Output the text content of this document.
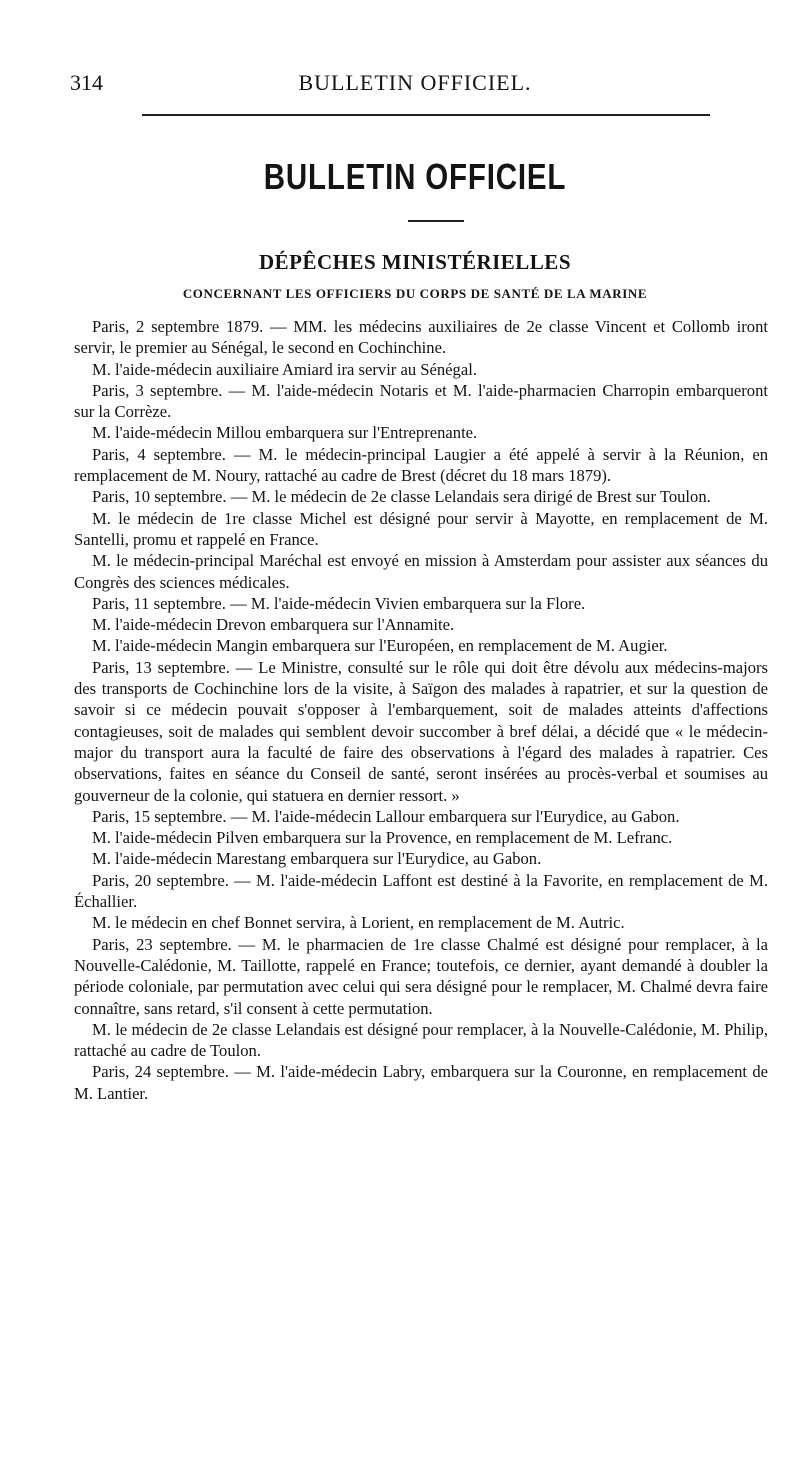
314	BULLETIN OFFICIEL.
BULLETIN OFFICIEL
DÉPÊCHES MINISTÉRIELLES
CONCERNANT LES OFFICIERS DU CORPS DE SANTÉ DE LA MARINE

Paris, 2 septembre 1879. — MM. les médecins auxiliaires de 2e classe Vincent et Collomb iront servir, le premier au Sénégal, le second en Cochinchine.

M. l'aide-médecin auxiliaire Amiard ira servir au Sénégal.

Paris, 3 septembre. — M. l'aide-médecin Notaris et M. l'aide-pharmacien Charropin embarqueront sur la Corrèze.

M. l'aide-médecin Millou embarquera sur l'Entreprenante.

Paris, 4 septembre. — M. le médecin-principal Laugier a été appelé à servir à la Réunion, en remplacement de M. Noury, rattaché au cadre de Brest (décret du 18 mars 1879).

Paris, 10 septembre. — M. le médecin de 2e classe Lelandais sera dirigé de Brest sur Toulon.

M. le médecin de 1re classe Michel est désigné pour servir à Mayotte, en remplacement de M. Santelli, promu et rappelé en France.

M. le médecin-principal Maréchal est envoyé en mission à Amsterdam pour assister aux séances du Congrès des sciences médicales.

Paris, 11 septembre. — M. l'aide-médecin Vivien embarquera sur la Flore.

M. l'aide-médecin Drevon embarquera sur l'Annamite.

M. l'aide-médecin Mangin embarquera sur l'Européen, en remplacement de M. Augier.

Paris, 13 septembre. — Le Ministre, consulté sur le rôle qui doit être dévolu aux médecins-majors des transports de Cochinchine lors de la visite, à Saïgon des malades à rapatrier, et sur la question de savoir si ce médecin pouvait s'opposer à l'embarquement, soit de malades atteints d'affections contagieuses, soit de malades qui semblent devoir succomber à bref délai, a décidé que « le médecin-major du transport aura la faculté de faire des observations à l'égard des malades à rapatrier. Ces observations, faites en séance du Conseil de santé, seront insérées au procès-verbal et soumises au gouverneur de la colonie, qui statuera en dernier ressort. »

Paris, 15 septembre. — M. l'aide-médecin Lallour embarquera sur l'Eurydice, au Gabon.

M. l'aide-médecin Pilven embarquera sur la Provence, en remplacement de M. Lefranc.

M. l'aide-médecin Marestang embarquera sur l'Eurydice, au Gabon.

Paris, 20 septembre. — M. l'aide-médecin Laffont est destiné à la Favorite, en remplacement de M. Échallier.

M. le médecin en chef Bonnet servira, à Lorient, en remplacement de M. Autric.

Paris, 23 septembre. — M. le pharmacien de 1re classe Chalmé est désigné pour remplacer, à la Nouvelle-Calédonie, M. Taillotte, rappelé en France; toutefois, ce dernier, ayant demandé à doubler la période coloniale, par permutation avec celui qui sera désigné pour le remplacer, M. Chalmé devra faire connaître, sans retard, s'il consent à cette permutation.

M. le médecin de 2e classe Lelandais est désigné pour remplacer, à la Nouvelle-Calédonie, M. Philip, rattaché au cadre de Toulon.

Paris, 24 septembre. — M. l'aide-médecin Labry, embarquera sur la Couronne, en remplacement de M. Lantier.
